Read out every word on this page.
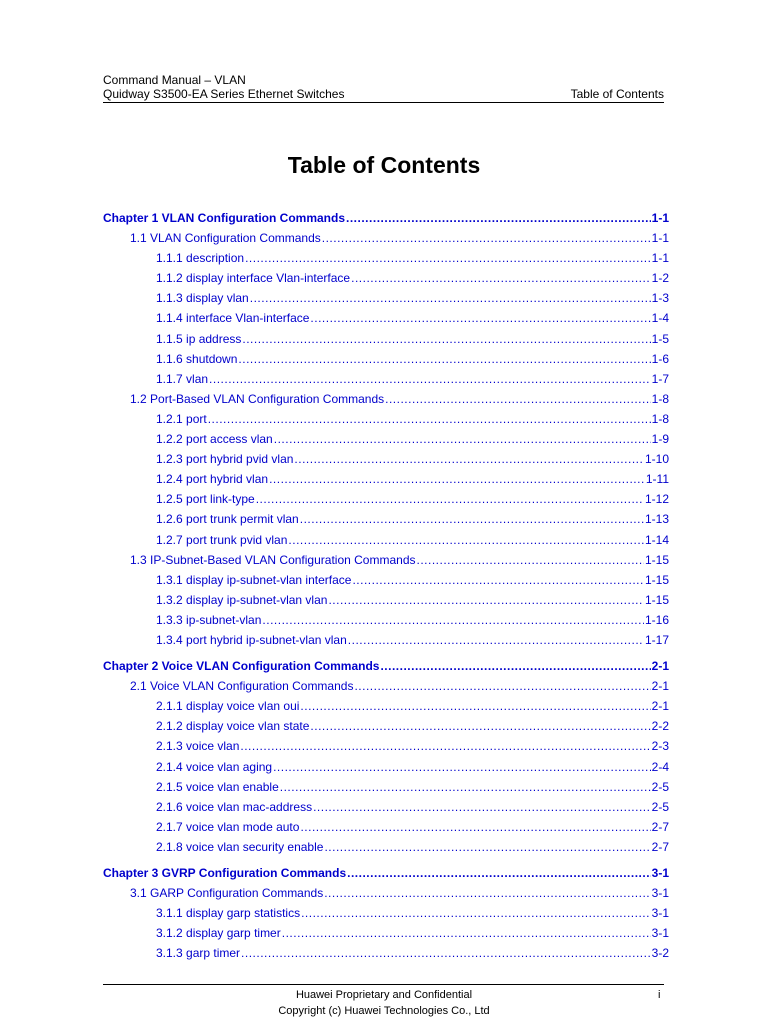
Command Manual – VLAN
Quidway S3500-EA Series Ethernet Switches	Table of Contents
Table of Contents
Chapter 1 VLAN Configuration Commands .....	1-1
1.1 VLAN Configuration Commands .....	1-1
1.1.1 description .....	1-1
1.1.2 display interface Vlan-interface .....	1-2
1.1.3 display vlan .....	1-3
1.1.4 interface Vlan-interface .....	1-4
1.1.5 ip address .....	1-5
1.1.6 shutdown .....	1-6
1.1.7 vlan .....	1-7
1.2 Port-Based VLAN Configuration Commands .....	1-8
1.2.1 port .....	1-8
1.2.2 port access vlan .....	1-9
1.2.3 port hybrid pvid vlan .....	1-10
1.2.4 port hybrid vlan .....	1-11
1.2.5 port link-type .....	1-12
1.2.6 port trunk permit vlan .....	1-13
1.2.7 port trunk pvid vlan .....	1-14
1.3 IP-Subnet-Based VLAN Configuration Commands .....	1-15
1.3.1 display ip-subnet-vlan interface .....	1-15
1.3.2 display ip-subnet-vlan vlan .....	1-15
1.3.3 ip-subnet-vlan .....	1-16
1.3.4 port hybrid ip-subnet-vlan vlan .....	1-17
Chapter 2 Voice VLAN Configuration Commands .....	2-1
2.1 Voice VLAN Configuration Commands .....	2-1
2.1.1 display voice vlan oui .....	2-1
2.1.2 display voice vlan state .....	2-2
2.1.3 voice vlan .....	2-3
2.1.4 voice vlan aging .....	2-4
2.1.5 voice vlan enable .....	2-5
2.1.6 voice vlan mac-address .....	2-5
2.1.7 voice vlan mode auto .....	2-7
2.1.8 voice vlan security enable .....	2-7
Chapter 3 GVRP Configuration Commands .....	3-1
3.1 GARP Configuration Commands .....	3-1
3.1.1 display garp statistics .....	3-1
3.1.2 display garp timer .....	3-1
3.1.3 garp timer .....	3-2
Huawei Proprietary and Confidential
Copyright (c) Huawei Technologies Co., Ltd
i
